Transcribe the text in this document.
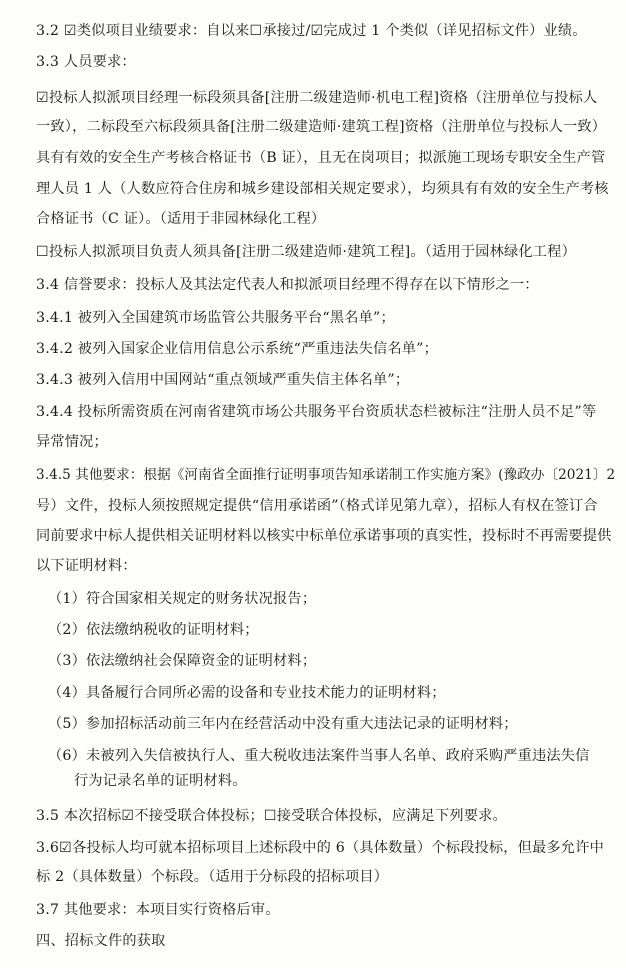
3.2 ☑类似项目业绩要求：自以来☐承接过/☑完成过 1 个类似（详见招标文件）业绩。
3.3 人员要求：
☑投标人拟派项目经理一标段须具备[注册二级建造师·机电工程]资格（注册单位与投标人
一致），二标段至六标段须具备[注册二级建造师·建筑工程]资格（注册单位与投标人一致）
具有有效的安全生产考核合格证书（B 证），且无在岗项目；拟派施工现场专职安全生产管
理人员 1 人（人数应符合住房和城乡建设部相关规定要求），均须具有有效的安全生产考核
合格证书（C 证）。（适用于非园林绿化工程）
☐投标人拟派项目负责人须具备[注册二级建造师·建筑工程]。（适用于园林绿化工程）
3.4 信誉要求：投标人及其法定代表人和拟派项目经理不得存在以下情形之一：
3.4.1 被列入全国建筑市场监管公共服务平台“黑名单”；
3.4.2 被列入国家企业信用信息公示系统“严重违法失信名单”；
3.4.3 被列入信用中国网站“重点领域严重失信主体名单”；
3.4.4 投标所需资质在河南省建筑市场公共服务平台资质状态栏被标注“注册人员不足”等
异常情况；
3.4.5 其他要求：根据《河南省全面推行证明事项告知承诺制工作实施方案》(豫政办〔2021〕2
号）文件，投标人须按照规定提供“信用承诺函”（格式详见第九章），招标人有权在签订合
同前要求中标人提供相关证明材料以核实中标单位承诺事项的真实性，投标时不再需要提供
以下证明材料：
（1）符合国家相关规定的财务状况报告；
（2）依法缴纳税收的证明材料；
（3）依法缴纳社会保障资金的证明材料；
（4）具备履行合同所必需的设备和专业技术能力的证明材料；
（5）参加招标活动前三年内在经营活动中没有重大违法记录的证明材料；
（6）未被列入失信被执行人、重大税收违法案件当事人名单、政府采购严重违法失信
行为记录名单的证明材料。
3.5 本次招标☑不接受联合体投标；☐接受联合体投标，应满足下列要求。
3.6☑各投标人均可就本招标项目上述标段中的 6（具体数量）个标段投标，但最多允许中
标 2（具体数量）个标段。（适用于分标段的招标项目）
3.7 其他要求：本项目实行资格后审。
四、招标文件的获取
